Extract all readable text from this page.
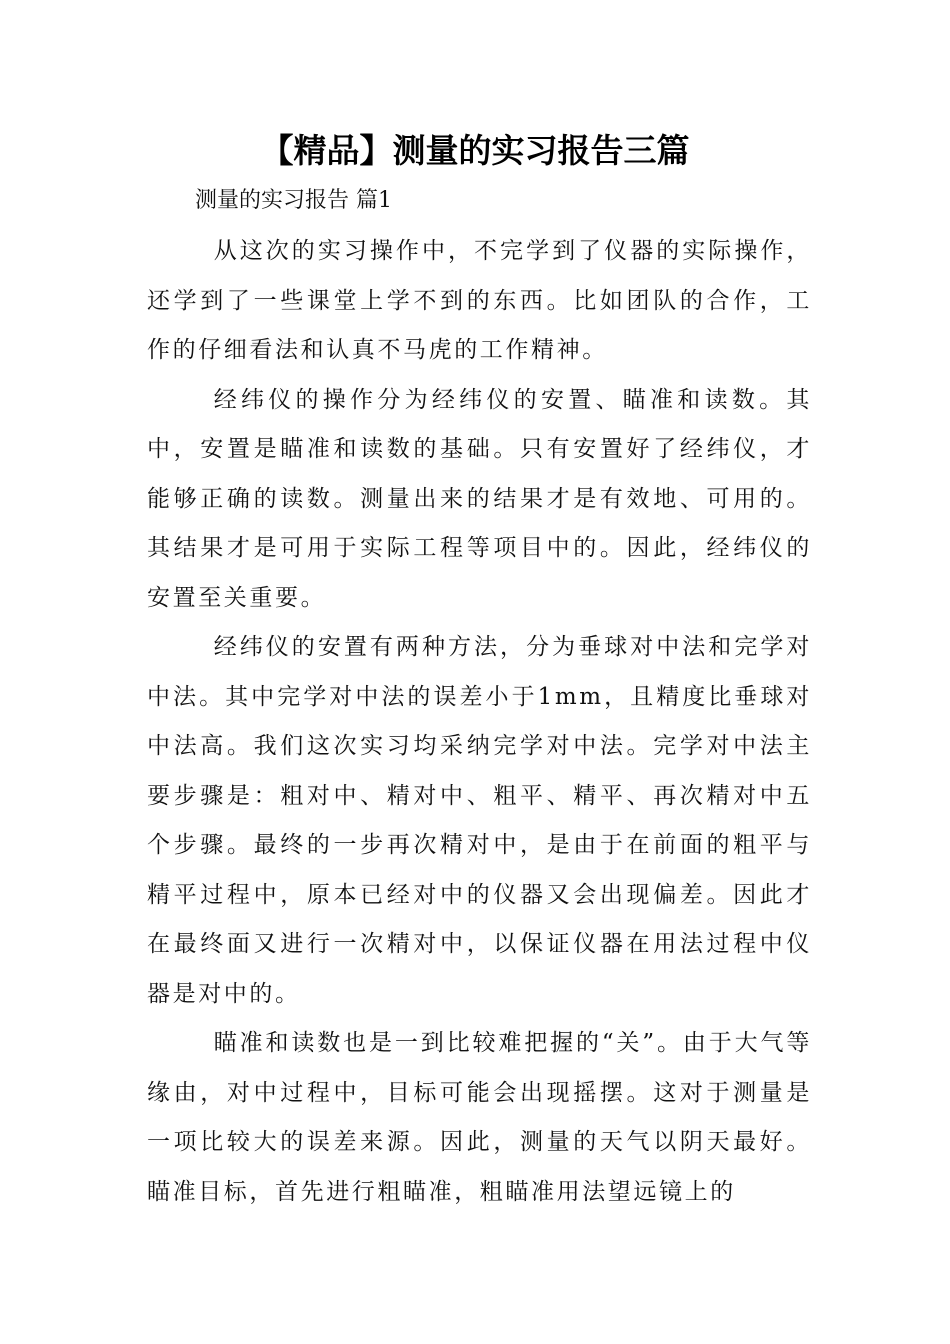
【精品】测量的实习报告三篇
测量的实习报告 篇1

从这次的实习操作中，不完学到了仪器的实际操作，还学到了一些课堂上学不到的东西。比如团队的合作，工作的仔细看法和认真不马虎的工作精神。

经纬仪的操作分为经纬仪的安置、瞄准和读数。其中，安置是瞄准和读数的基础。只有安置好了经纬仪，才能够正确的读数。测量出来的结果才是有效地、可用的。其结果才是可用于实际工程等项目中的。因此，经纬仪的安置至关重要。

经纬仪的安置有两种方法，分为垂球对中法和完学对中法。其中完学对中法的误差小于1mm，且精度比垂球对中法高。我们这次实习均采纳完学对中法。完学对中法主要步骤是：粗对中、精对中、粗平、精平、再次精对中五个步骤。最终的一步再次精对中，是由于在前面的粗平与精平过程中，原本已经对中的仪器又会出现偏差。因此才在最终面又进行一次精对中，以保证仪器在用法过程中仪器是对中的。

瞄准和读数也是一到比较难把握的“关”。由于大气等缘由，对中过程中，目标可能会出现摇摆。这对于测量是一项比较大的误差来源。因此，测量的天气以阴天最好。瞄准目标，首先进行粗瞄准，粗瞄准用法望远镜上的
